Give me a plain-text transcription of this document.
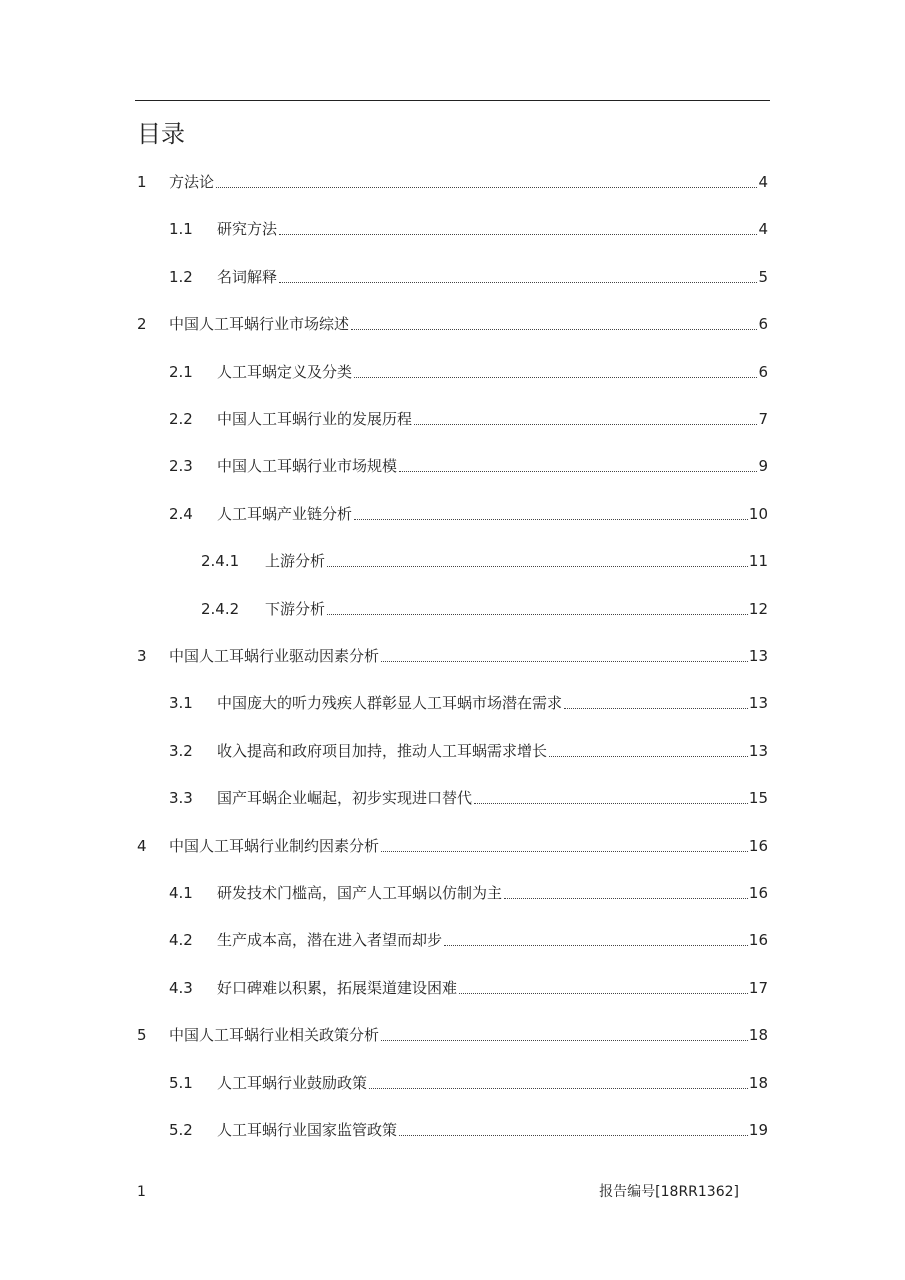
目录
1	方法论	4
1.1	研究方法	4
1.2	名词解释	5
2	中国人工耳蜗行业市场综述	6
2.1	人工耳蜗定义及分类	6
2.2	中国人工耳蜗行业的发展历程	7
2.3	中国人工耳蜗行业市场规模	9
2.4	人工耳蜗产业链分析	10
2.4.1	上游分析	11
2.4.2	下游分析	12
3	中国人工耳蜗行业驱动因素分析	13
3.1	中国庞大的听力残疾人群彰显人工耳蜗市场潜在需求	13
3.2	收入提高和政府项目加持，推动人工耳蜗需求增长	13
3.3	国产耳蜗企业崛起，初步实现进口替代	15
4	中国人工耳蜗行业制约因素分析	16
4.1	研发技术门槛高，国产人工耳蜗以仿制为主	16
4.2	生产成本高，潜在进入者望而却步	16
4.3	好口碑难以积累，拓展渠道建设困难	17
5	中国人工耳蜗行业相关政策分析	18
5.1	人工耳蜗行业鼓励政策	18
5.2	人工耳蜗行业国家监管政策	19
1	报告编号[18RR1362]
